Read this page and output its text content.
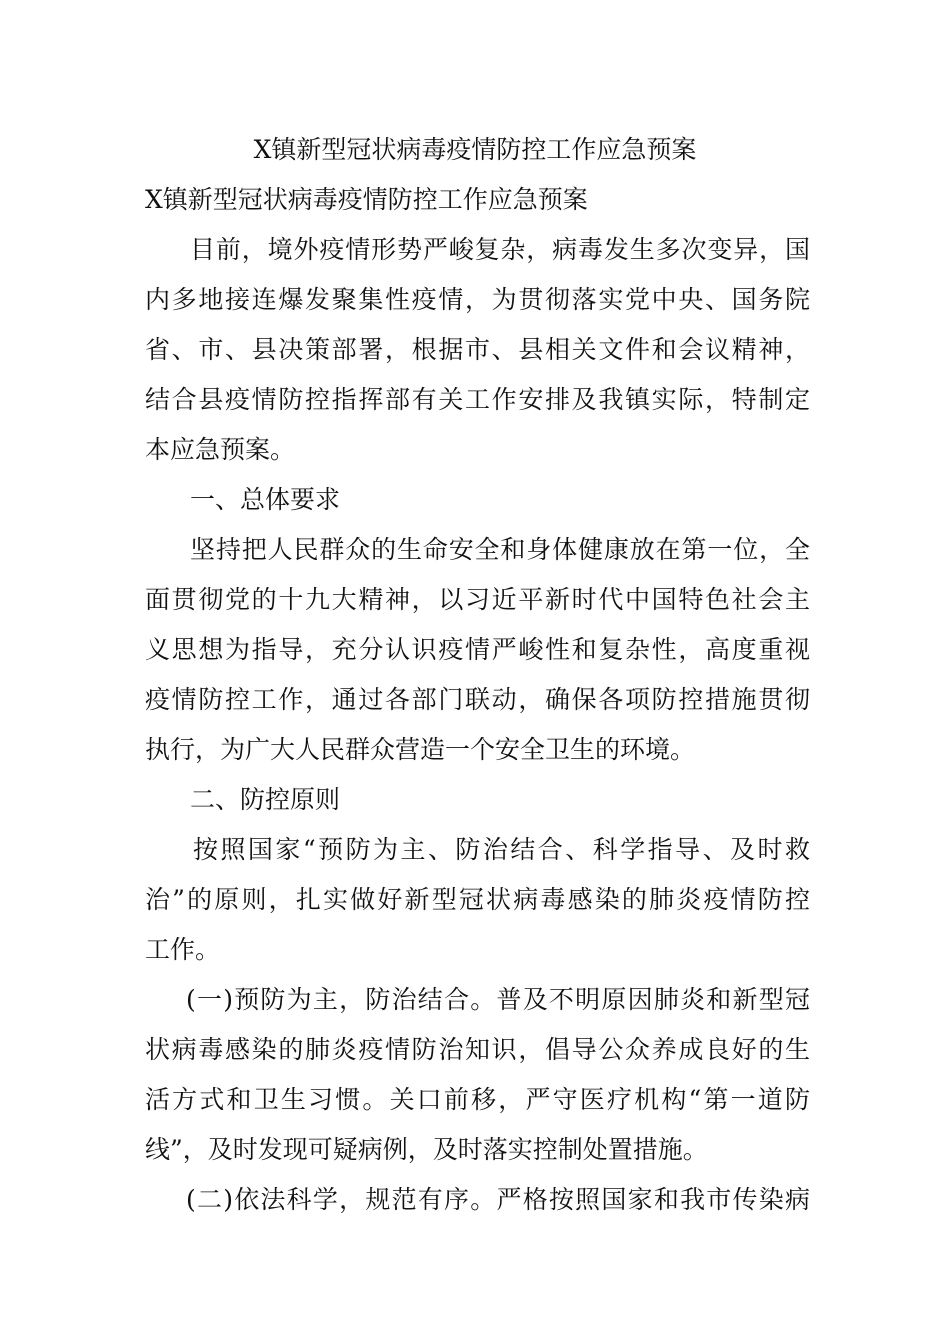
X镇新型冠状病毒疫情防控工作应急预案
X镇新型冠状病毒疫情防控工作应急预案
目前，境外疫情形势严峻复杂，病毒发生多次变异，国
内多地接连爆发聚集性疫情，为贯彻落实党中央、国务院
省、市、县决策部署，根据市、县相关文件和会议精神，
结合县疫情防控指挥部有关工作安排及我镇实际，特制定
本应急预案。
一、总体要求
坚持把人民群众的生命安全和身体健康放在第一位，全
面贯彻党的十九大精神，以习近平新时代中国特色社会主
义思想为指导，充分认识疫情严峻性和复杂性，高度重视
疫情防控工作，通过各部门联动，确保各项防控措施贯彻
执行，为广大人民群众营造一个安全卫生的环境。
二、防控原则
按照国家“预防为主、防治结合、科学指导、及时救
治”的原则，扎实做好新型冠状病毒感染的肺炎疫情防控
工作。
(一)预防为主，防治结合。普及不明原因肺炎和新型冠
状病毒感染的肺炎疫情防治知识，倡导公众养成良好的生
活方式和卫生习惯。关口前移，严守医疗机构“第一道防
线”，及时发现可疑病例，及时落实控制处置措施。
(二)依法科学，规范有序。严格按照国家和我市传染病
